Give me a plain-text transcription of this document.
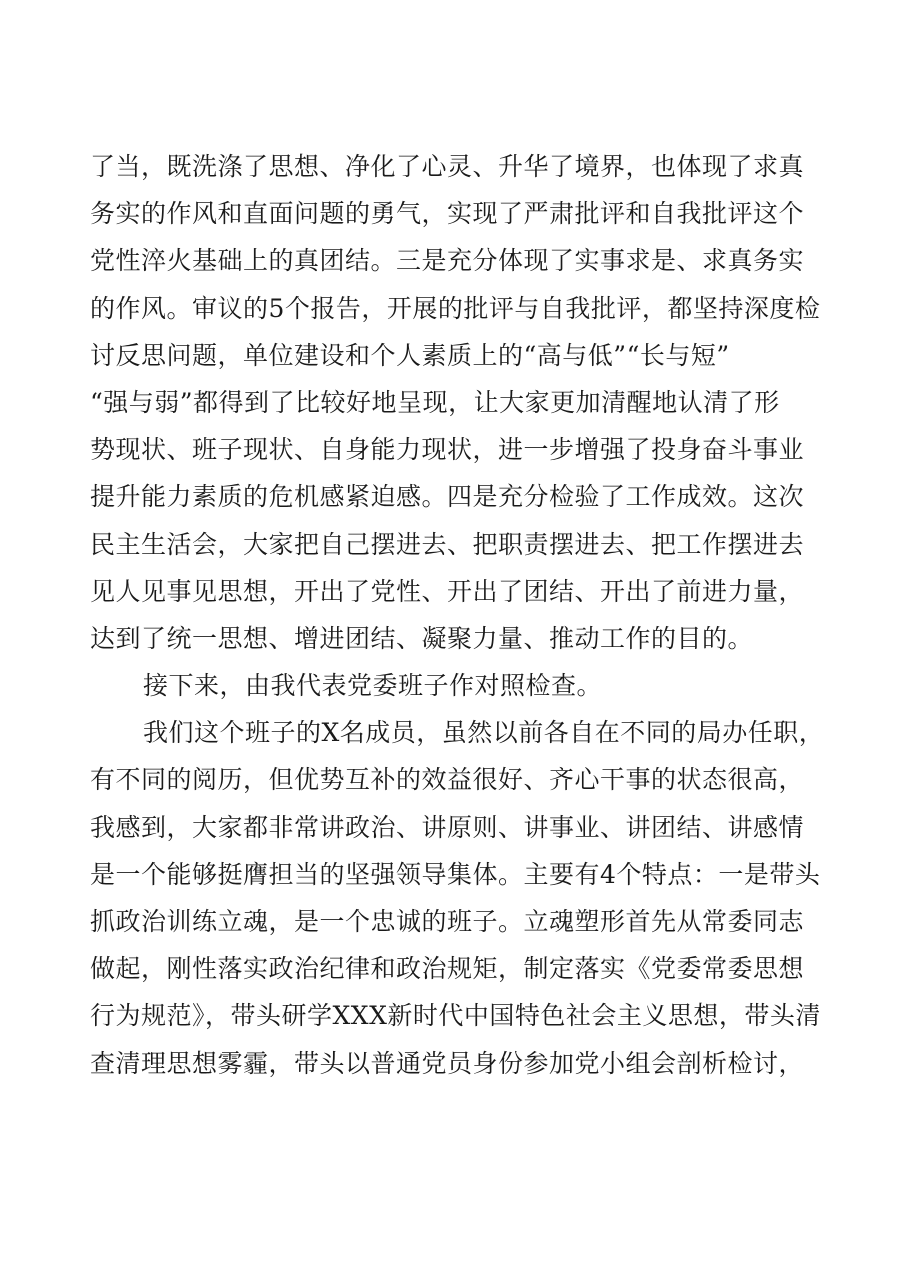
了当，既洗涤了思想、净化了心灵、升华了境界，也体现了求真
务实的作风和直面问题的勇气，实现了严肃批评和自我批评这个
党性淬火基础上的真团结。三是充分体现了实事求是、求真务实
的作风。审议的5个报告，开展的批评与自我批评，都坚持深度检
讨反思问题，单位建设和个人素质上的“高与低”“长与短”
“强与弱”都得到了比较好地呈现，让大家更加清醒地认清了形
势现状、班子现状、自身能力现状，进一步增强了投身奋斗事业
提升能力素质的危机感紧迫感。四是充分检验了工作成效。这次
民主生活会，大家把自己摆进去、把职责摆进去、把工作摆进去
见人见事见思想，开出了党性、开出了团结、开出了前进力量，
达到了统一思想、增进团结、凝聚力量、推动工作的目的。
接下来，由我代表党委班子作对照检查。
我们这个班子的X名成员，虽然以前各自在不同的局办任职，
有不同的阅历，但优势互补的效益很好、齐心干事的状态很高，
我感到，大家都非常讲政治、讲原则、讲事业、讲团结、讲感情
是一个能够挺膺担当的坚强领导集体。主要有4个特点：一是带头
抓政治训练立魂，是一个忠诚的班子。立魂塑形首先从常委同志
做起，刚性落实政治纪律和政治规矩，制定落实《党委常委思想
行为规范》，带头研学XXX新时代中国特色社会主义思想，带头清
查清理思想雾霾，带头以普通党员身份参加党小组会剖析检讨，
